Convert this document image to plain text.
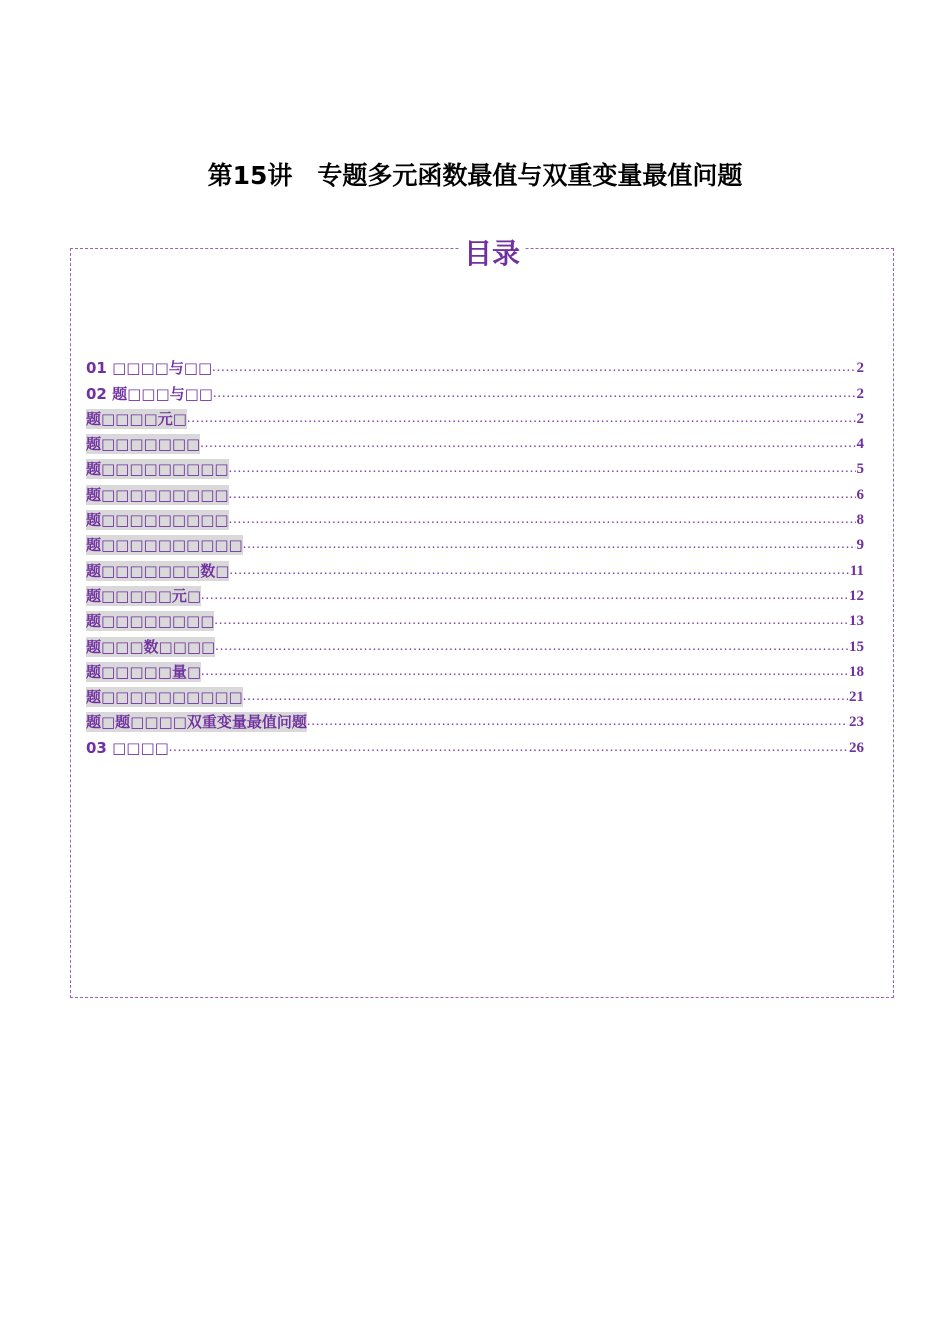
第15讲　专题多元函数最值与双重变量最值问题
目录
01 □□□□与□□ .....	2
02 题□□□与□□ .....	2
题□□□□元□ .....	2
题□□□□□□□ .....	4
题□□□□□□□□□ .....	5
题□□□□□□□□□ .....	6
题□□□□□□□□□ .....	8
题□□□□□□□□□□ .....	9
题□□□□□□□数□ .....	11
题□□□□□元□ .....	12
题□□□□□□□□ .....	13
题□□□数□□□□ .....	15
题□□□□□量□ .....	18
题□□□□□□□□□□ .....	21
题□题□□□□双重变量最值问题 .....	23
03 □□□□ .....	26
